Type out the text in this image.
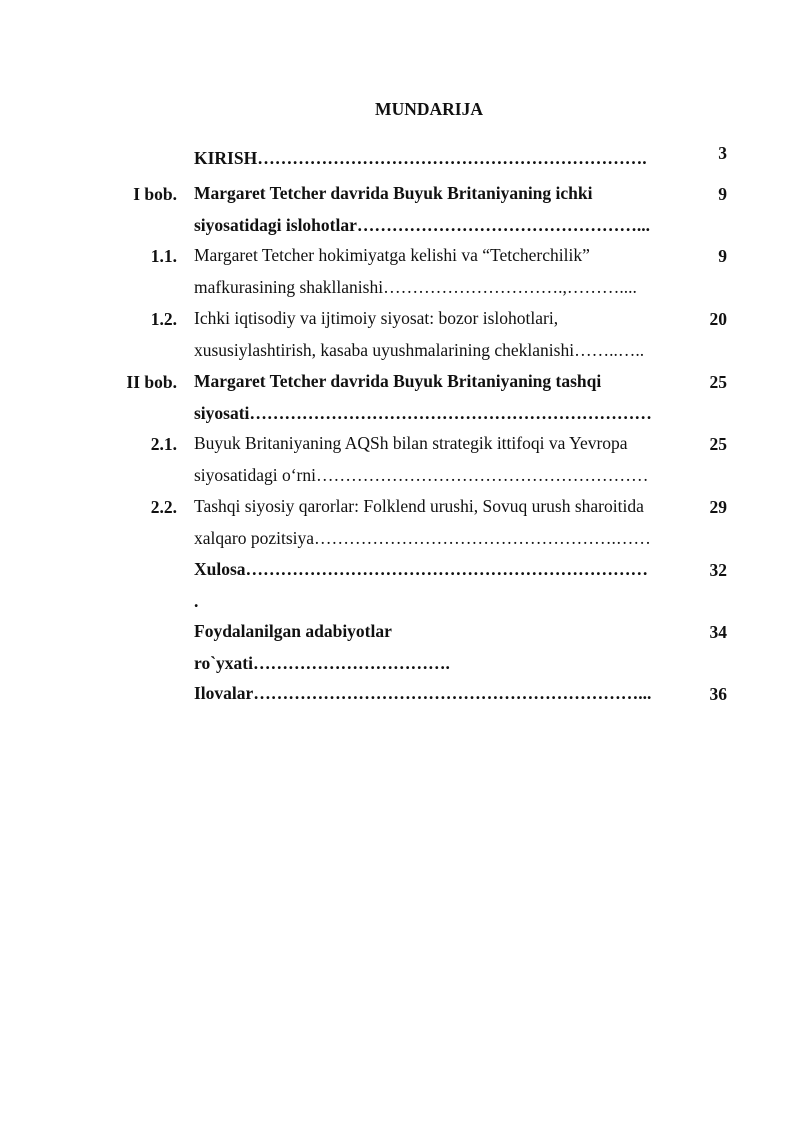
MUNDARIJA
KIRISH………………………………………………………….	3
I bob. Margaret Tetcher davrida Buyuk Britaniyaning ichki
siyosatidagi islohotlar…………………………………………...
9
1.1. Margaret Tetcher hokimiyatga kelishi va “Tetcherchilik”
mafkurasining shakllanishi………………………….,………....
9
1.2. Ichki iqtisodiy va ijtimoiy siyosat: bozor islohotlari,
xususiylashtirish, kasaba uyushmalarining cheklanishi……..…..
20
II bob. Margaret Tetcher davrida Buyuk Britaniyaning tashqi
siyosati……………………………………………………………
25
2.1. Buyuk Britaniyaning AQSh bilan strategik ittifoqi va Yevropa
siyosatidagi o‘rni…………………………………………………
25
2.2. Tashqi siyosiy qarorlar: Folklend urushi, Sovuq urush sharoitida
xalqaro pozitsiya…………………………………………….……
29
Xulosa……………………………………………………………
.
32
Foydalanilgan adabiyotlar
ro`yxati…………………………….
34
Ilovalar…………………………………………………………...	36
